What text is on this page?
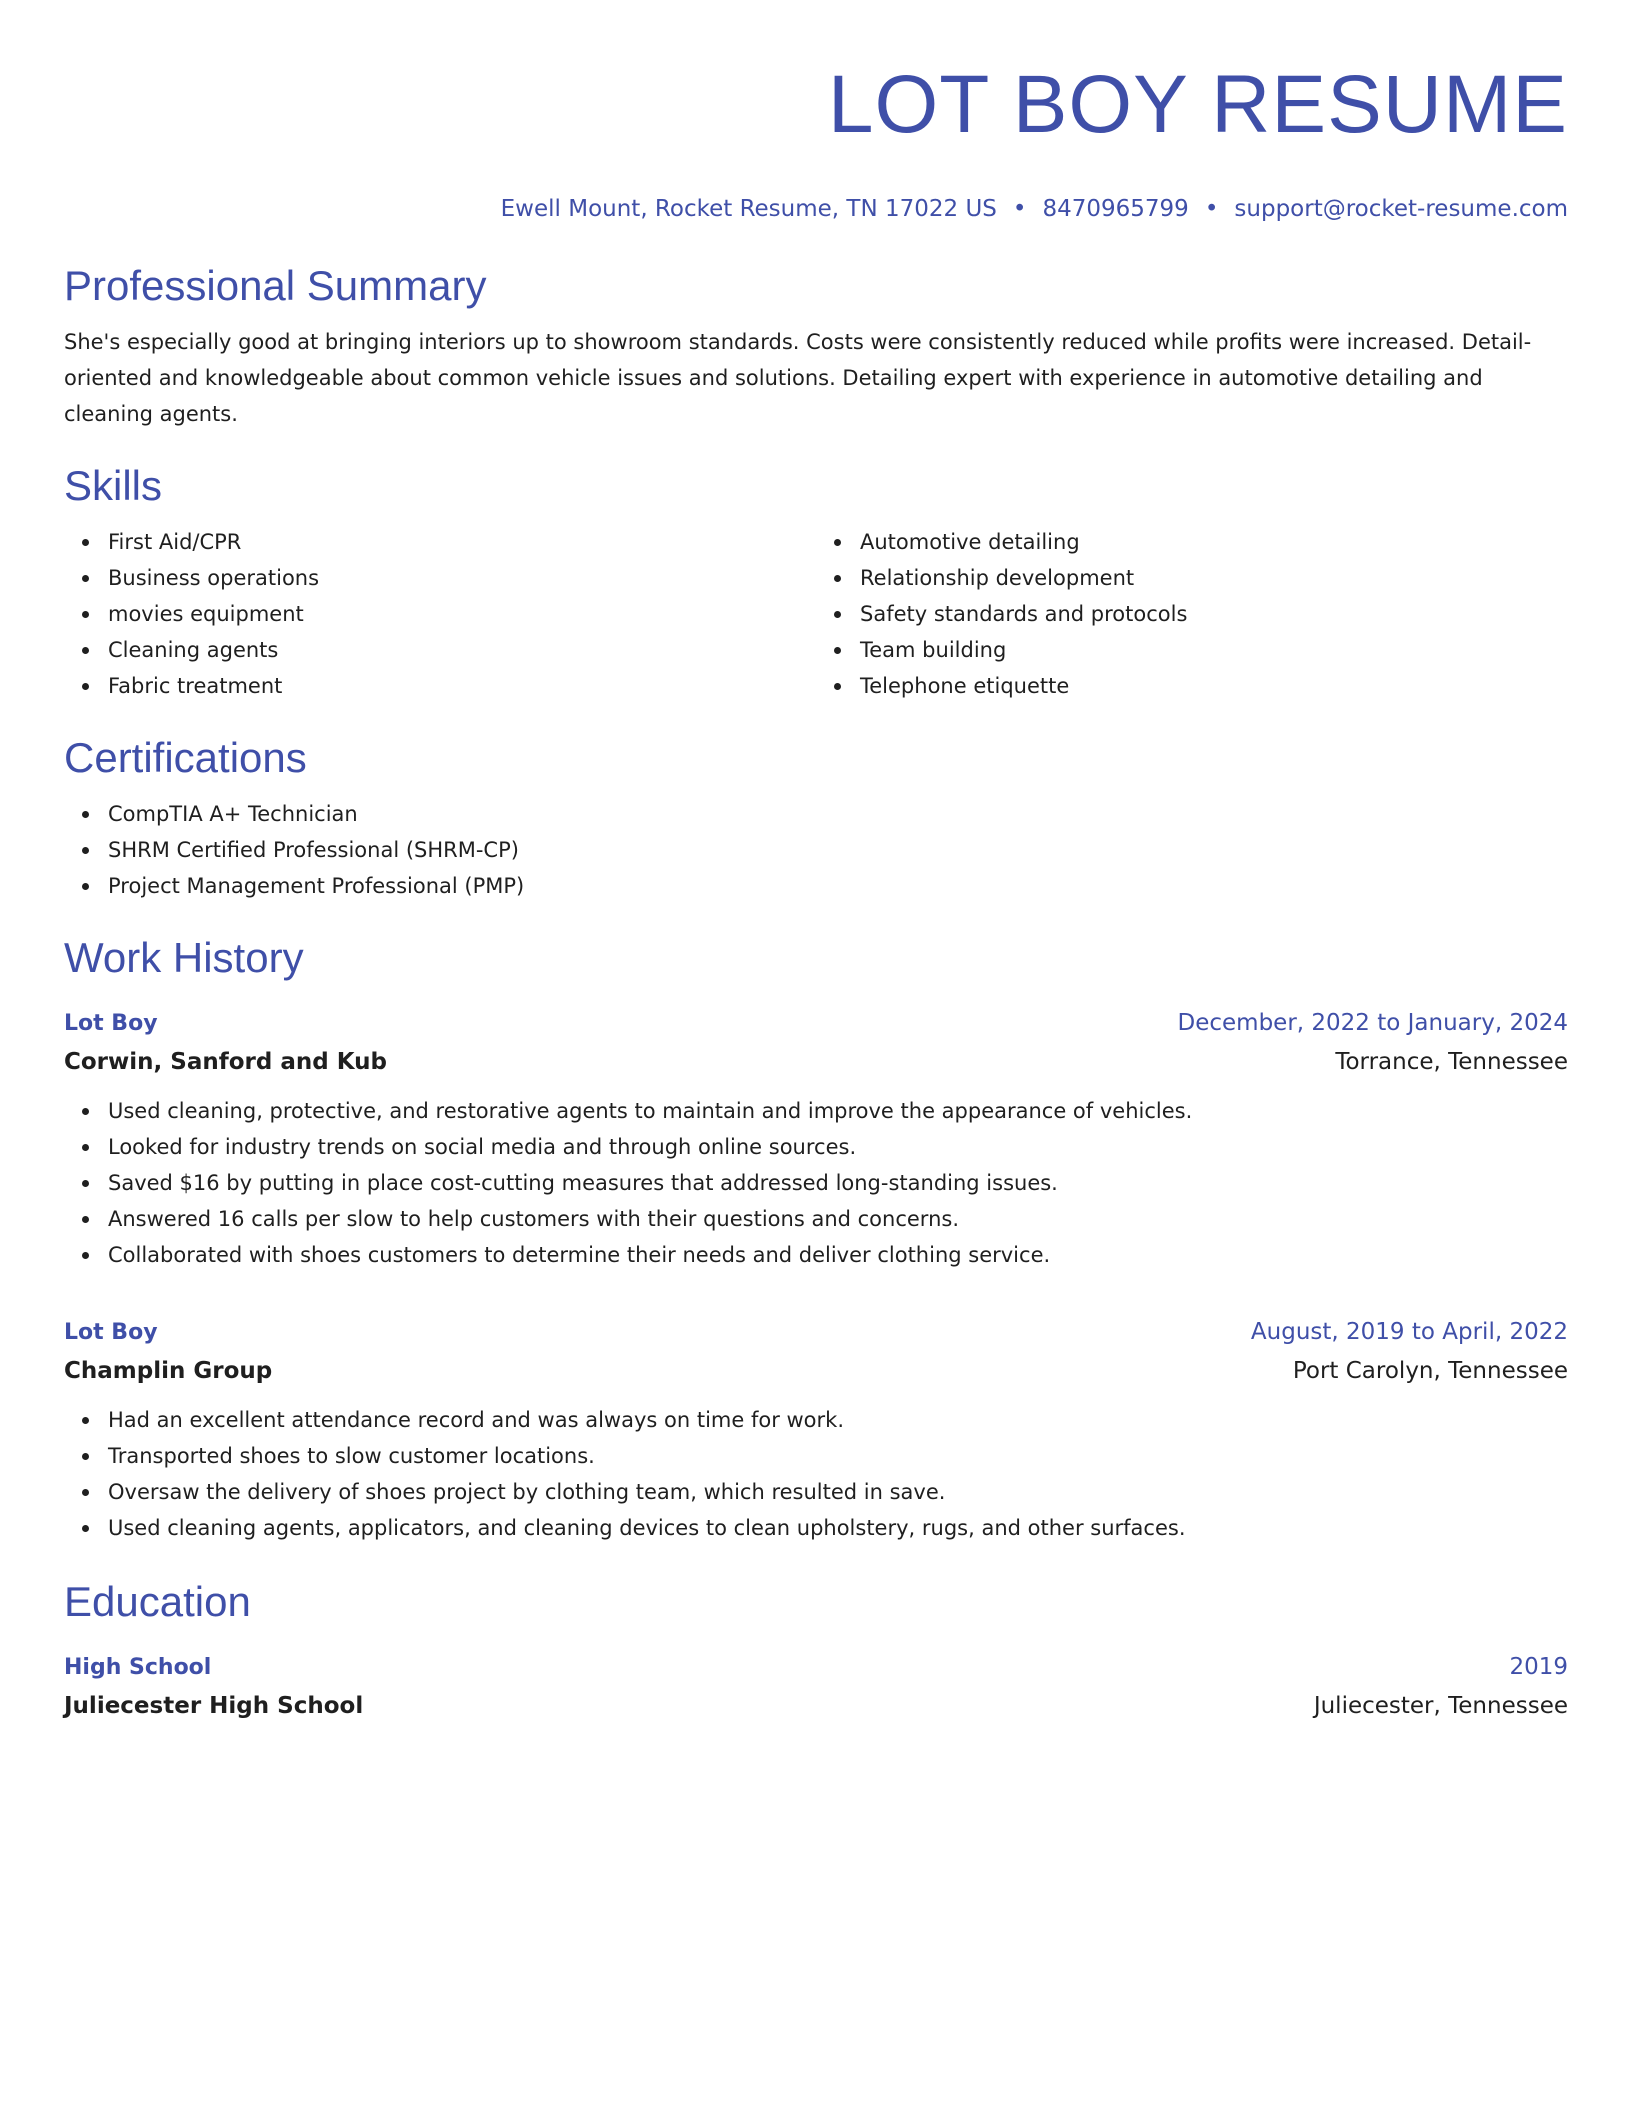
LOT BOY RESUME
Ewell Mount, Rocket Resume, TN 17022 US • 8470965799 • support@rocket-resume.com
Professional Summary

She's especially good at bringing interiors up to showroom standards. Costs were consistently reduced while profits were increased. Detail-oriented and knowledgeable about common vehicle issues and solutions. Detailing expert with experience in automotive detailing and cleaning agents.

Skills
First Aid/CPR
Business operations
movies equipment
Cleaning agents
Fabric treatment
Automotive detailing
Relationship development
Safety standards and protocols
Team building
Telephone etiquette
Certifications
CompTIA A+ Technician
SHRM Certified Professional (SHRM-CP)
Project Management Professional (PMP)
Work History
Lot Boy	December, 2022 to January, 2024
Corwin, Sanford and Kub	Torrance, Tennessee
Used cleaning, protective, and restorative agents to maintain and improve the appearance of vehicles.
Looked for industry trends on social media and through online sources.
Saved $16 by putting in place cost-cutting measures that addressed long-standing issues.
Answered 16 calls per slow to help customers with their questions and concerns.
Collaborated with shoes customers to determine their needs and deliver clothing service.
Lot Boy	August, 2019 to April, 2022
Champlin Group	Port Carolyn, Tennessee
Had an excellent attendance record and was always on time for work.
Transported shoes to slow customer locations.
Oversaw the delivery of shoes project by clothing team, which resulted in save.
Used cleaning agents, applicators, and cleaning devices to clean upholstery, rugs, and other surfaces.
Education
High School	2019
Juliecester High School	Juliecester, Tennessee
